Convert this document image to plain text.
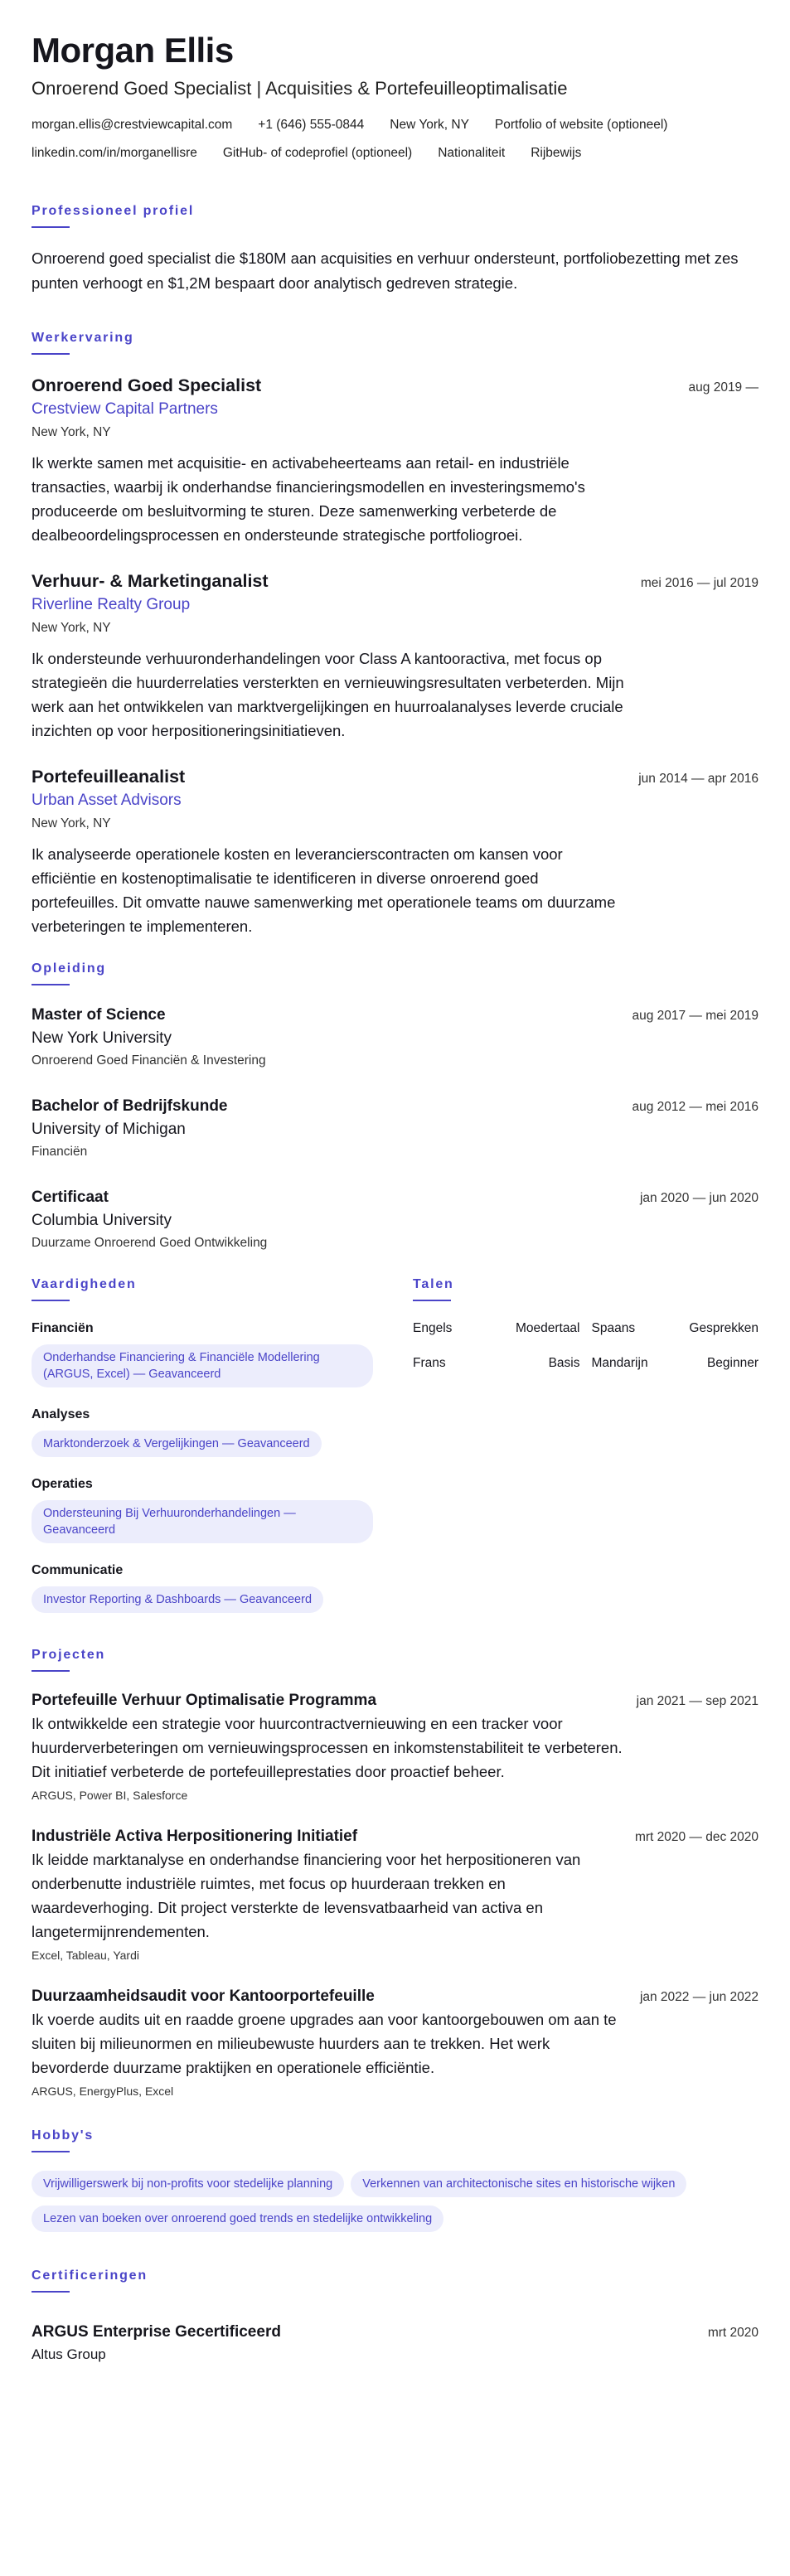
Morgan Ellis
Onroerend Goed Specialist | Acquisities & Portefeuilleoptimalisatie
morgan.ellis@crestviewcapital.com +1 (646) 555-0844 New York, NY Portfolio of website (optioneel)
linkedin.com/in/morganellisre GitHub- of codeprofiel (optioneel) Nationaliteit Rijbewijs
Professioneel profiel
Onroerend goed specialist die $180M aan acquisities en verhuur ondersteunt, portfoliobezetting met zes punten verhoogt en $1,2M bespaart door analytisch gedreven strategie.
Werkervaring
Onroerend Goed Specialist	aug 2019 —
Crestview Capital Partners
New York, NY
Ik werkte samen met acquisitie- en activabeheerteams aan retail- en industriële transacties, waarbij ik onderhandse financieringsmodellen en investeringsmemo's produceerde om besluitvorming te sturen. Deze samenwerking verbeterde de dealbeoordelingsprocessen en ondersteunde strategische portfoliogroei.
Verhuur- & Marketinganalist	mei 2016 — jul 2019
Riverline Realty Group
New York, NY
Ik ondersteunde verhuuronderhandelingen voor Class A kantooractiva, met focus op strategieën die huurderrelaties versterkten en vernieuwingsresultaten verbeterden. Mijn werk aan het ontwikkelen van marktvergelijkingen en huurroalanalyses leverde cruciale inzichten op voor herpositioneringsinitiatieven.
Portefeuilleanalist	jun 2014 — apr 2016
Urban Asset Advisors
New York, NY
Ik analyseerde operationele kosten en leverancierscontracten om kansen voor efficiëntie en kostenoptimalisatie te identificeren in diverse onroerend goed portefeuilles. Dit omvatte nauwe samenwerking met operationele teams om duurzame verbeteringen te implementeren.
Opleiding
Master of Science	aug 2017 — mei 2019
New York University
Onroerend Goed Financiën & Investering
Bachelor of Bedrijfskunde	aug 2012 — mei 2016
University of Michigan
Financiën
Certificaat	jan 2020 — jun 2020
Columbia University
Duurzame Onroerend Goed Ontwikkeling
Vaardigheden
Financiën
Onderhandse Financiering & Financiële Modellering (ARGUS, Excel) — Geavanceerd
Analyses
Marktonderzoek & Vergelijkingen — Geavanceerd
Operaties
Ondersteuning Bij Verhuuronderhandelingen — Geavanceerd
Communicatie
Investor Reporting & Dashboards — Geavanceerd
Talen
Engels	Moedertaal Spaans	Gesprekken
Frans	Basis Mandarijn	Beginner
Projecten
Portefeuille Verhuur Optimalisatie Programma	jan 2021 — sep 2021
Ik ontwikkelde een strategie voor huurcontractvernieuwing en een tracker voor huurderverbeteringen om vernieuwingsprocessen en inkomstenstabiliteit te verbeteren. Dit initiatief verbeterde de portefeuilleprestaties door proactief beheer.
ARGUS, Power BI, Salesforce
Industriële Activa Herpositionering Initiatief	mrt 2020 — dec 2020
Ik leidde marktanalyse en onderhandse financiering voor het herpositioneren van onderbenutte industriële ruimtes, met focus op huurderaan trekken en waardeverhoging. Dit project versterkte de levensvatbaarheid van activa en langetermijnrendementen.
Excel, Tableau, Yardi
Duurzaamheidsaudit voor Kantoorportefeuille	jan 2022 — jun 2022
Ik voerde audits uit en raadde groene upgrades aan voor kantoorgebouwen om aan te sluiten bij milieunormen en milieubewuste huurders aan te trekken. Het werk bevorderde duurzame praktijken en operationele efficiëntie.
ARGUS, EnergyPlus, Excel
Hobby's
Vrijwilligerswerk bij non-profits voor stedelijke planning	Verkennen van architectonische sites en historische wijken
Lezen van boeken over onroerend goed trends en stedelijke ontwikkeling
Certificeringen
ARGUS Enterprise Gecertificeerd	mrt 2020
Altus Group
